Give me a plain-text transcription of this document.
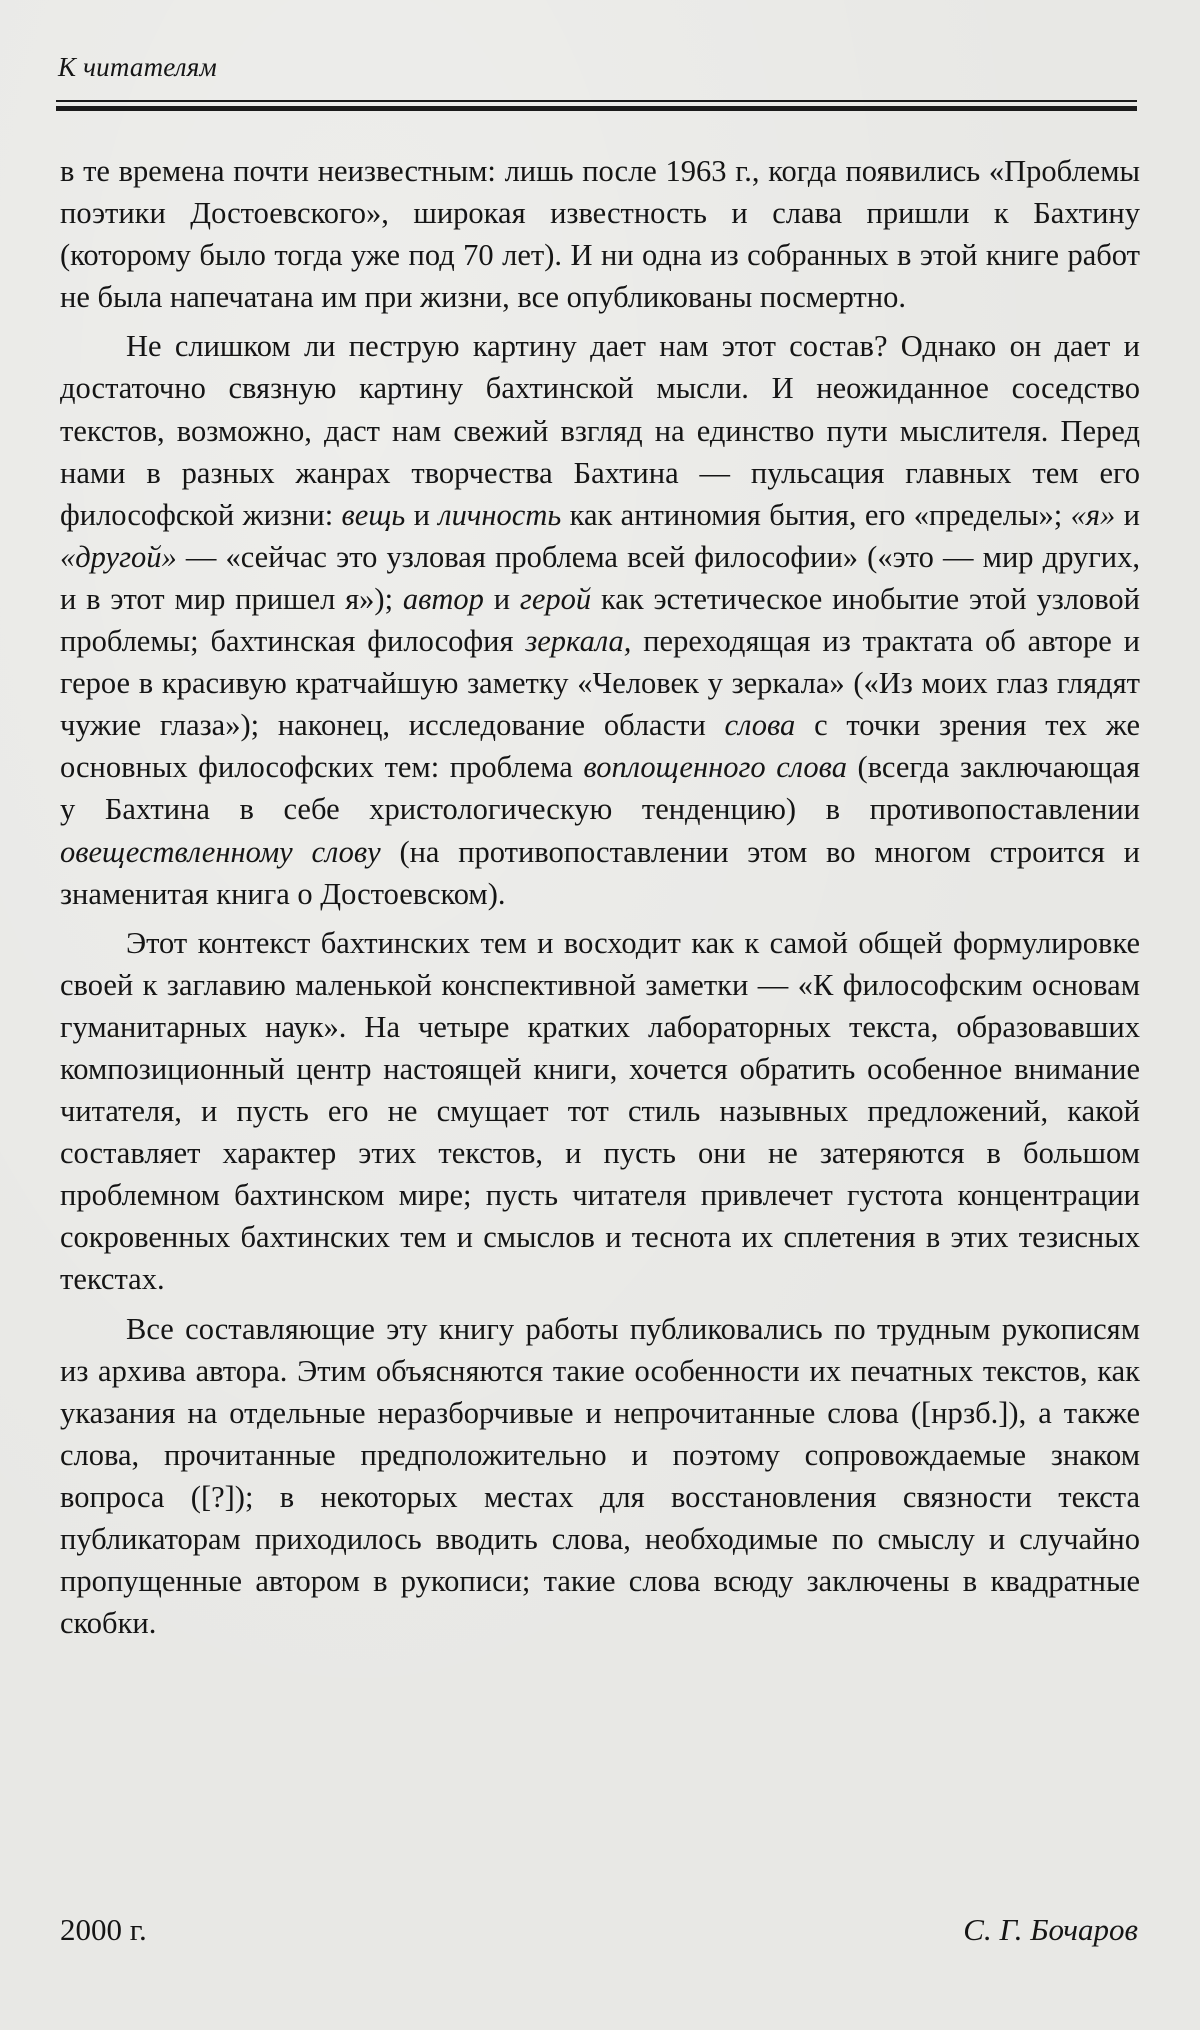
К читателям

в те времена почти неизвестным: лишь после 1963 г., когда появились «Проблемы поэтики Достоевского», широкая известность и слава пришли к Бахтину (которому было тогда уже под 70 лет). И ни одна из собранных в этой книге работ не была напечатана им при жизни, все опубликованы посмертно.

Не слишком ли пеструю картину дает нам этот состав? Однако он дает и достаточно связную картину бахтинской мысли. И неожиданное соседство текстов, возможно, даст нам свежий взгляд на единство пути мыслителя. Перед нами в разных жанрах творчества Бахтина — пульсация главных тем его философской жизни: вещь и личность как антиномия бытия, его «пределы»; «я» и «другой» — «сейчас это узловая проблема всей философии» («это — мир других, и в этот мир пришел я»); автор и герой как эстетическое инобытие этой узловой проблемы; бахтинская философия зеркала, переходящая из трактата об авторе и герое в красивую кратчайшую заметку «Человек у зеркала» («Из моих глаз глядят чужие глаза»); наконец, исследование области слова с точки зрения тех же основных философских тем: проблема воплощенного слова (всегда заключающая у Бахтина в себе христологическую тенденцию) в противопоставлении овеществленному слову (на противопоставлении этом во многом строится и знаменитая книга о Достоевском).

Этот контекст бахтинских тем и восходит как к самой общей формулировке своей к заглавию маленькой конспективной заметки — «К философским основам гуманитарных наук». На четыре кратких лабораторных текста, образовавших композиционный центр настоящей книги, хочется обратить особенное внимание читателя, и пусть его не смущает тот стиль назывных предложений, какой составляет характер этих текстов, и пусть они не затеряются в большом проблемном бахтинском мире; пусть читателя привлечет густота концентрации сокровенных бахтинских тем и смыслов и теснота их сплетения в этих тезисных текстах.

Все составляющие эту книгу работы публиковались по трудным рукописям из архива автора. Этим объясняются такие особенности их печатных текстов, как указания на отдельные неразборчивые и непрочитанные слова ([нрзб.]), а также слова, прочитанные предположительно и поэтому сопровождаемые знаком вопроса ([?]); в некоторых местах для восстановления связности текста публикаторам приходилось вводить слова, необходимые по смыслу и случайно пропущенные автором в рукописи; такие слова всюду заключены в квадратные скобки.

2000 г.	С. Г. Бочаров
